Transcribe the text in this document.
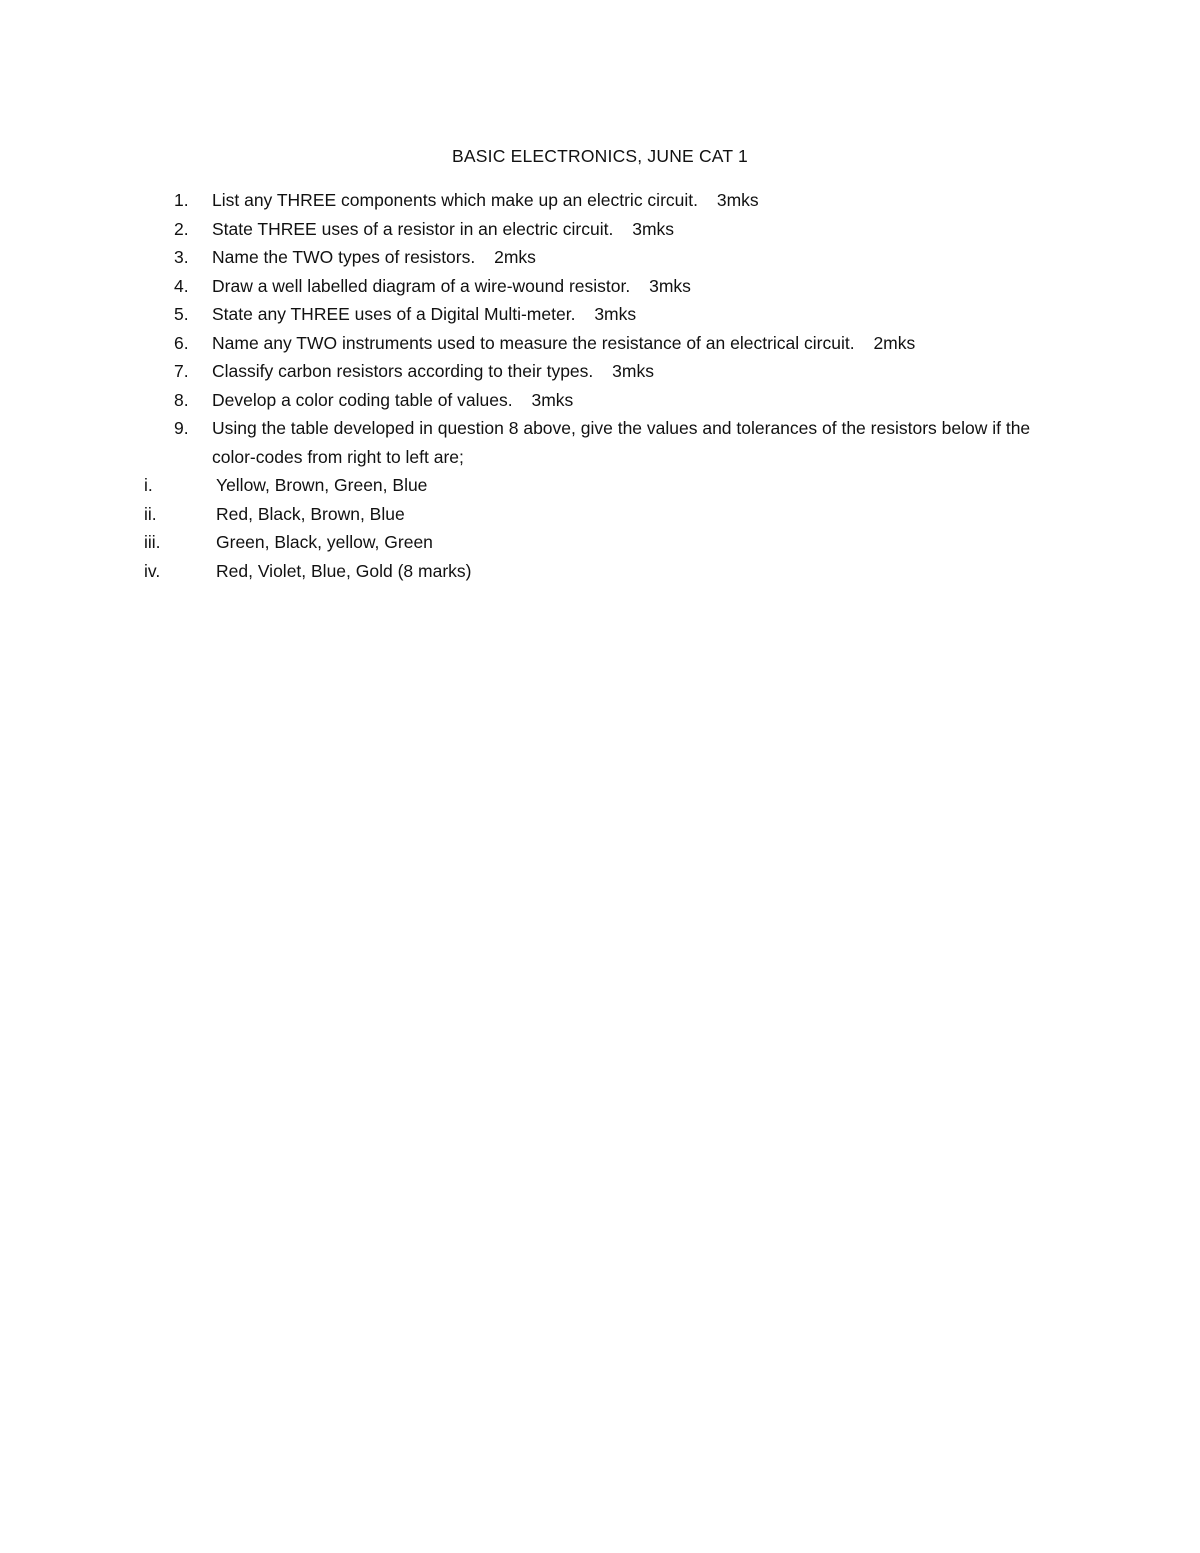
BASIC ELECTRONICS, JUNE CAT 1
1. List any THREE components which make up an electric circuit. 3mks
2. State THREE uses of a resistor in an electric circuit. 3mks
3. Name the TWO types of resistors. 2mks
4. Draw a well labelled diagram of a wire-wound resistor. 3mks
5. State any THREE uses of a Digital Multi-meter. 3mks
6. Name any TWO instruments used to measure the resistance of an electrical circuit. 2mks
7. Classify carbon resistors according to their types. 3mks
8. Develop a color coding table of values. 3mks
9. Using the table developed in question 8 above, give the values and tolerances of the resistors below if the color-codes from right to left are;
i.	Yellow, Brown, Green, Blue
ii.	Red, Black, Brown, Blue
iii.	Green, Black, yellow, Green
iv.	Red, Violet, Blue, Gold (8 marks)
